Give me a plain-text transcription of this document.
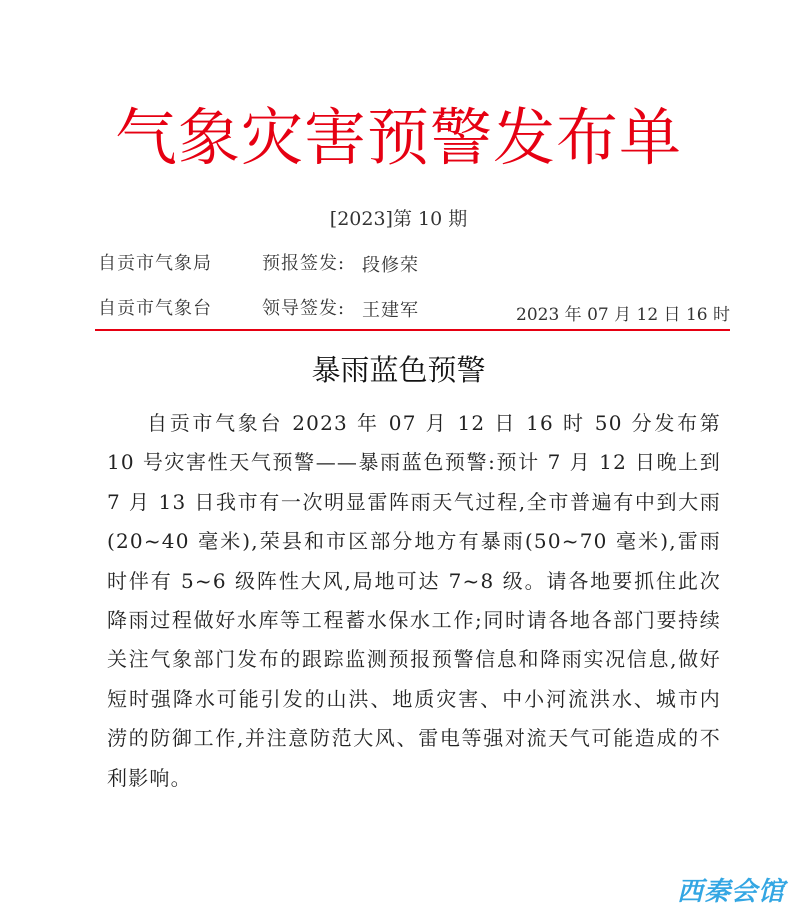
气象灾害预警发布单
[2023]第 10 期
自贡市气象局	预报签发: 段修荣
自贡市气象台	领导签发: 王建军	2023 年 07 月 12 日 16 时
暴雨蓝色预警

自贡市气象台 2023 年 07 月 12 日 16 时 50 分发布第 10 号灾害性天气预警——暴雨蓝色预警:预计 7 月 12 日晚上到 7 月 13 日我市有一次明显雷阵雨天气过程,全市普遍有中到大雨(20~40 毫米),荣县和市区部分地方有暴雨(50~70 毫米),雷雨时伴有 5~6 级阵性大风,局地可达 7~8 级。请各地要抓住此次降雨过程做好水库等工程蓄水保水工作;同时请各地各部门要持续关注气象部门发布的跟踪监测预报预警信息和降雨实况信息,做好短时强降水可能引发的山洪、地质灾害、中小河流洪水、城市内涝的防御工作,并注意防范大风、雷电等强对流天气可能造成的不利影响。

西秦会馆
